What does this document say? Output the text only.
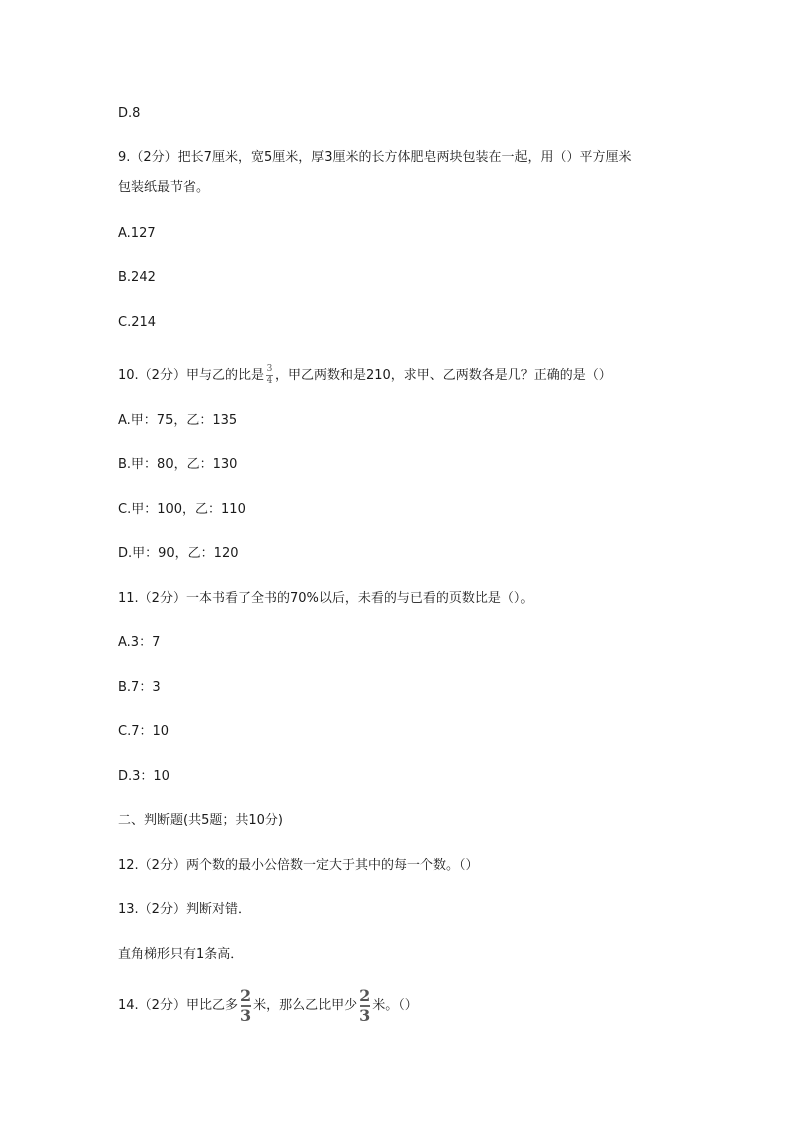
D.8
9.（2分）把长7厘米，宽5厘米，厚3厘米的长方体肥皂两块包装在一起，用（）平方厘米
包装纸最节省。
A.127
B.242
C.214
10.（2分）甲与乙的比是 $\frac{3}{4}$ ，甲乙两数和是210，求甲、乙两数各是几？正确的是（）
A.甲：75，乙：135
B.甲：80，乙：130
C.甲：100，乙：110
D.甲：90，乙：120
11.（2分）一本书看了全书的70%以后，未看的与已看的页数比是（）。
A.3：7
B.7：3
C.7：10
D.3：10
二、判断题(共5题；共10分)
12.（2分）两个数的最小公倍数一定大于其中的每一个数。（）
13.（2分）判断对错．
直角梯形只有1条高．
14.（2分）甲比乙多 $\frac{2}{3}$ 米，那么乙比甲少 $\frac{2}{3}$ 米。（）
